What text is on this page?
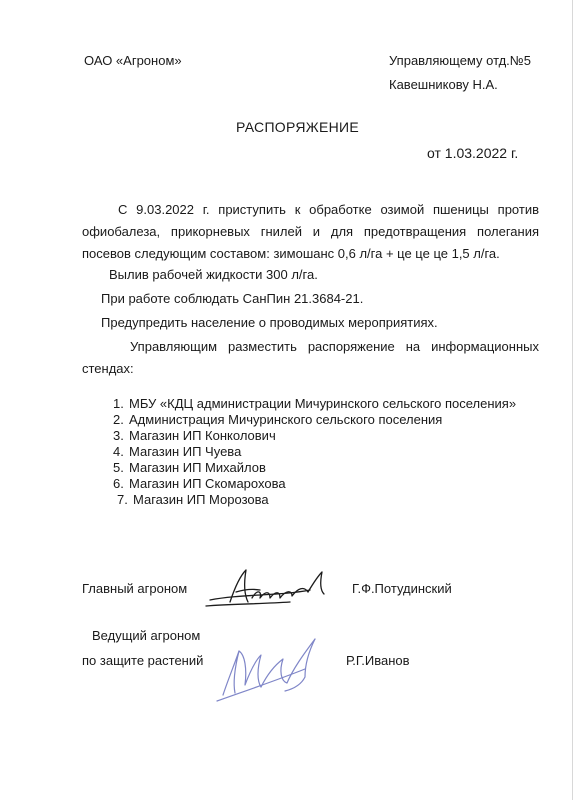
ОАО «Агроном»	Управляющему отд.№5
Кавешникову Н.А.
РАСПОРЯЖЕНИЕ
от 1.03.2022 г.
С 9.03.2022 г. приступить к обработке озимой пшеницы против офиобалеза, прикорневых гнилей и для предотвращения полегания посевов следующим составом: зимошанс 0,6 л/га + це це це 1,5 л/га.
Вылив рабочей жидкости 300 л/га.
При работе соблюдать СанПин 21.3684-21.
Предупредить население о проводимых мероприятиях.
Управляющим разместить распоряжение на информационных стендах:
1. МБУ «КДЦ администрации Мичуринского сельского поселения»
2. Администрация Мичуринского сельского поселения
3. Магазин ИП Конколович
4. Магазин ИП Чуева
5. Магазин ИП Михайлов
6. Магазин ИП Скомарохова
7. Магазин ИП Морозова
Главный агроном	Г.Ф.Потудинский
Ведущий агроном
по защите растений	Р.Г.Иванов
